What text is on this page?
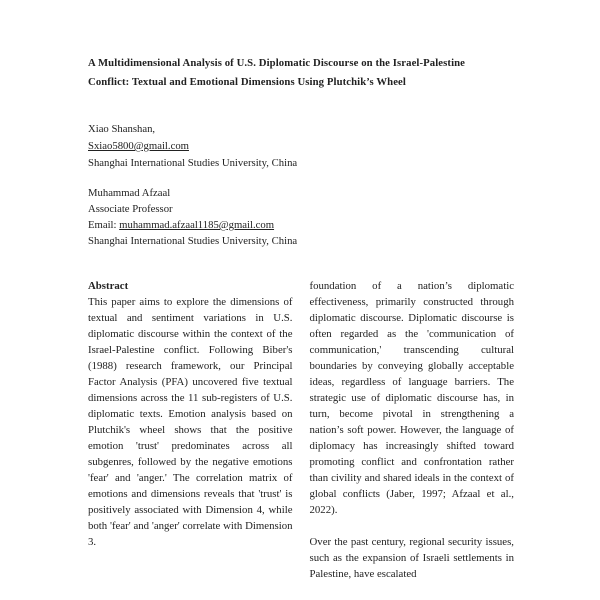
A Multidimensional Analysis of U.S. Diplomatic Discourse on the Israel-Palestine
Conflict: Textual and Emotional Dimensions Using Plutchik’s Wheel
Xiao Shanshan,
Sxiao5800@gmail.com
Shanghai International Studies University, China
Muhammad Afzaal
Associate Professor
Email: muhammad.afzaal1185@gmail.com
Shanghai International Studies University, China
Abstract

This paper aims to explore the dimensions of textual and sentiment variations in U.S. diplomatic discourse within the context of the Israel-Palestine conflict. Following Biber's (1988) research framework, our Principal Factor Analysis (PFA) uncovered five textual dimensions across the 11 sub-registers of U.S. diplomatic texts. Emotion analysis based on Plutchik's wheel shows that the positive emotion 'trust' predominates across all subgenres, followed by the negative emotions 'fear' and 'anger.' The correlation matrix of emotions and dimensions reveals that 'trust' is positively associated with Dimension 4, while both 'fear' and 'anger' correlate with Dimension 3.

foundation of a nation’s diplomatic effectiveness, primarily constructed through diplomatic discourse. Diplomatic discourse is often regarded as the 'communication of communication,' transcending cultural boundaries by conveying globally acceptable ideas, regardless of language barriers. The strategic use of diplomatic discourse has, in turn, become pivotal in strengthening a nation’s soft power. However, the language of diplomacy has increasingly shifted toward promoting conflict and confrontation rather than civility and shared ideals in the context of global conflicts (Jaber, 1997; Afzaal et al., 2022).

Over the past century, regional security issues, such as the expansion of Israeli settlements in Palestine, have escalated
